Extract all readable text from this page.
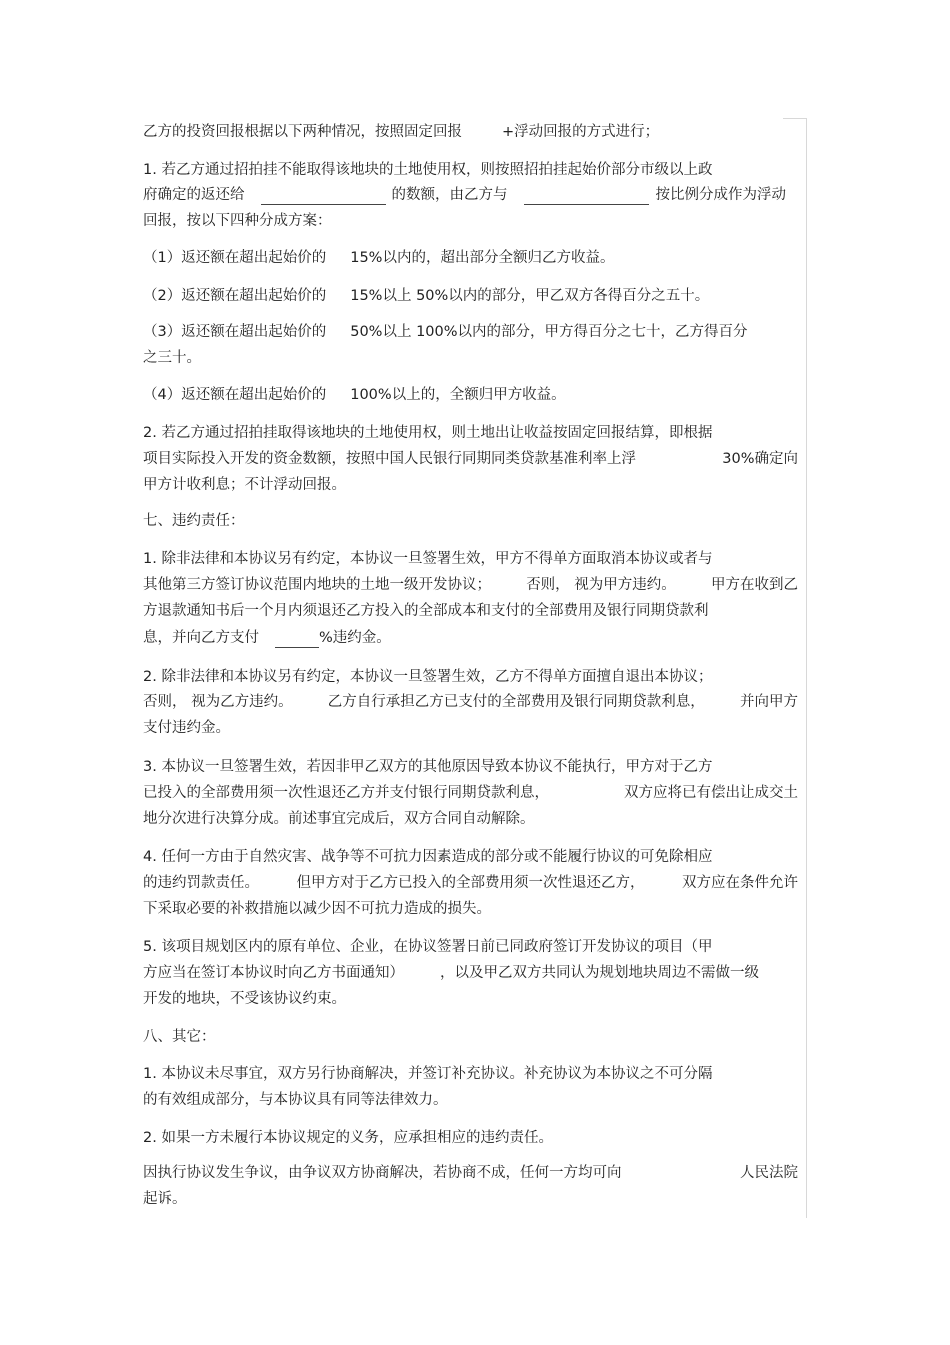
乙方的投资回报根据以下两种情况，按照固定回报	+浮动回报的方式进行；
1. 若乙方通过招拍挂不能取得该地块的土地使用权，则按照招拍挂起始价部分市级以上政
府确定的返还给	的数额，由乙方与	按比例分成作为浮动
回报，按以下四种分成方案：
（1）返还额在超出起始价的 15%以内的，超出部分全额归乙方收益。
（2）返还额在超出起始价的 15%以上 50%以内的部分，甲乙双方各得百分之五十。
（3）返还额在超出起始价的 50%以上 100%以内的部分，甲方得百分之七十，乙方得百分
之三十。
（4）返还额在超出起始价的 100%以上的，全额归甲方收益。
2. 若乙方通过招拍挂取得该地块的土地使用权，则土地出让收益按固定回报结算，即根据
项目实际投入开发的资金数额，按照中国人民银行同期同类贷款基准利率上浮	30%确定向
甲方计收利息；不计浮动回报。
七、违约责任：
1. 除非法律和本协议另有约定，本协议一旦签署生效，甲方不得单方面取消本协议或者与
其他第三方签订协议范围内地块的土地一级开发协议； 否则， 视为甲方违约。 甲方在收到乙
方退款通知书后一个月内须退还乙方投入的全部成本和支付的全部费用及银行同期贷款利
息，并向乙方支付	%违约金。
2. 除非法律和本协议另有约定，本协议一旦签署生效，乙方不得单方面擅自退出本协议；
否则， 视为乙方违约。 乙方自行承担乙方已支付的全部费用及银行同期贷款利息， 并向甲方
支付违约金。
3. 本协议一旦签署生效，若因非甲乙双方的其他原因导致本协议不能执行，甲方对于乙方
已投入的全部费用须一次性退还乙方并支付银行同期贷款利息，	双方应将已有偿出让成交土
地分次进行决算分成。前述事宜完成后，双方合同自动解除。
4. 任何一方由于自然灾害、战争等不可抗力因素造成的部分或不能履行协议的可免除相应
的违约罚款责任。	但甲方对于乙方已投入的全部费用须一次性退还乙方，	双方应在条件允许
下采取必要的补救措施以减少因不可抗力造成的损失。
5. 该项目规划区内的原有单位、企业，在协议签署日前已同政府签订开发协议的项目（甲
方应当在签订本协议时向乙方书面通知） ，以及甲乙双方共同认为规划地块周边不需做一级
开发的地块，不受该协议约束。
八、其它：
1. 本协议未尽事宜，双方另行协商解决，并签订补充协议。补充协议为本协议之不可分隔
的有效组成部分，与本协议具有同等法律效力。
2. 如果一方未履行本协议规定的义务，应承担相应的违约责任。
因执行协议发生争议，由争议双方协商解决，若协商不成，任何一方均可向	人民法院
起诉。
